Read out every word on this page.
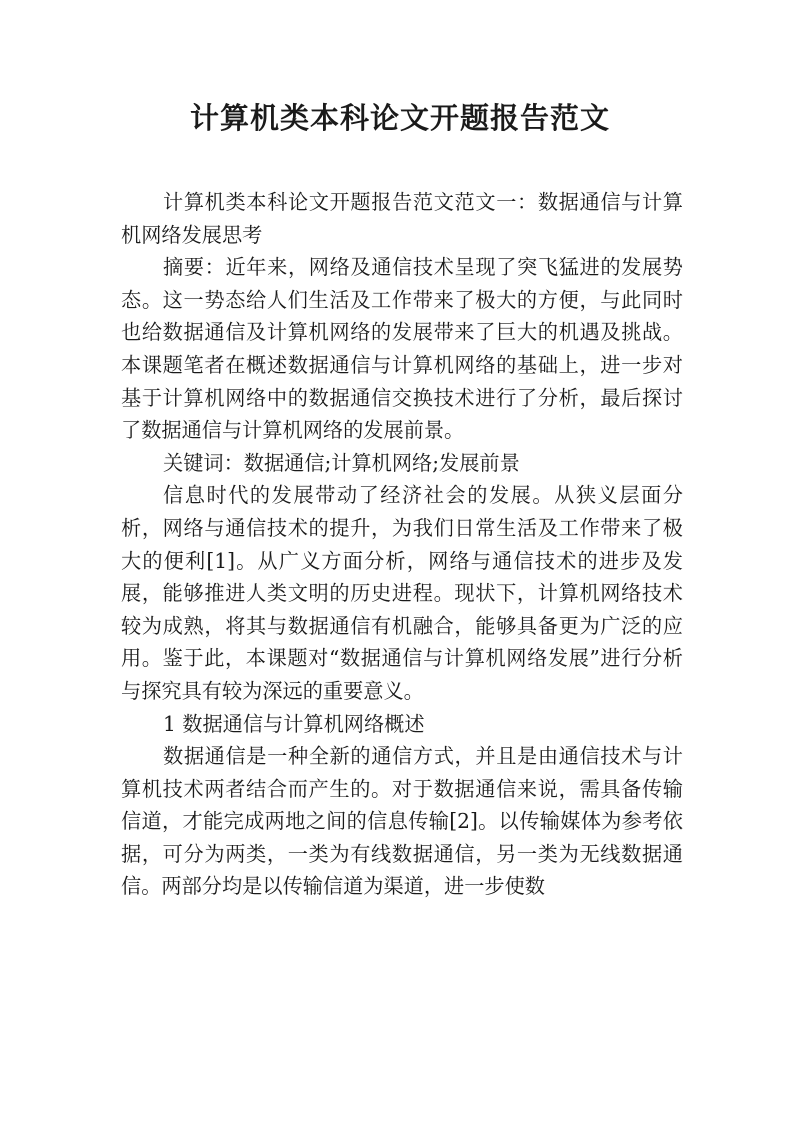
计算机类本科论文开题报告范文

计算机类本科论文开题报告范文范文一：数据通信与计算机网络发展思考

摘要：近年来，网络及通信技术呈现了突飞猛进的发展势态。这一势态给人们生活及工作带来了极大的方便，与此同时也给数据通信及计算机网络的发展带来了巨大的机遇及挑战。本课题笔者在概述数据通信与计算机网络的基础上，进一步对基于计算机网络中的数据通信交换技术进行了分析，最后探讨了数据通信与计算机网络的发展前景。

关键词：数据通信;计算机网络;发展前景

信息时代的发展带动了经济社会的发展。从狭义层面分析，网络与通信技术的提升，为我们日常生活及工作带来了极大的便利[1]。从广义方面分析，网络与通信技术的进步及发展，能够推进人类文明的历史进程。现状下，计算机网络技术较为成熟，将其与数据通信有机融合，能够具备更为广泛的应用。鉴于此，本课题对“数据通信与计算机网络发展”进行分析与探究具有较为深远的重要意义。

1 数据通信与计算机网络概述

数据通信是一种全新的通信方式，并且是由通信技术与计算机技术两者结合而产生的。对于数据通信来说，需具备传输信道，才能完成两地之间的信息传输[2]。以传输媒体为参考依据，可分为两类，一类为有线数据通信，另一类为无线数据通信。两部分均是以传输信道为渠道，进一步使数
